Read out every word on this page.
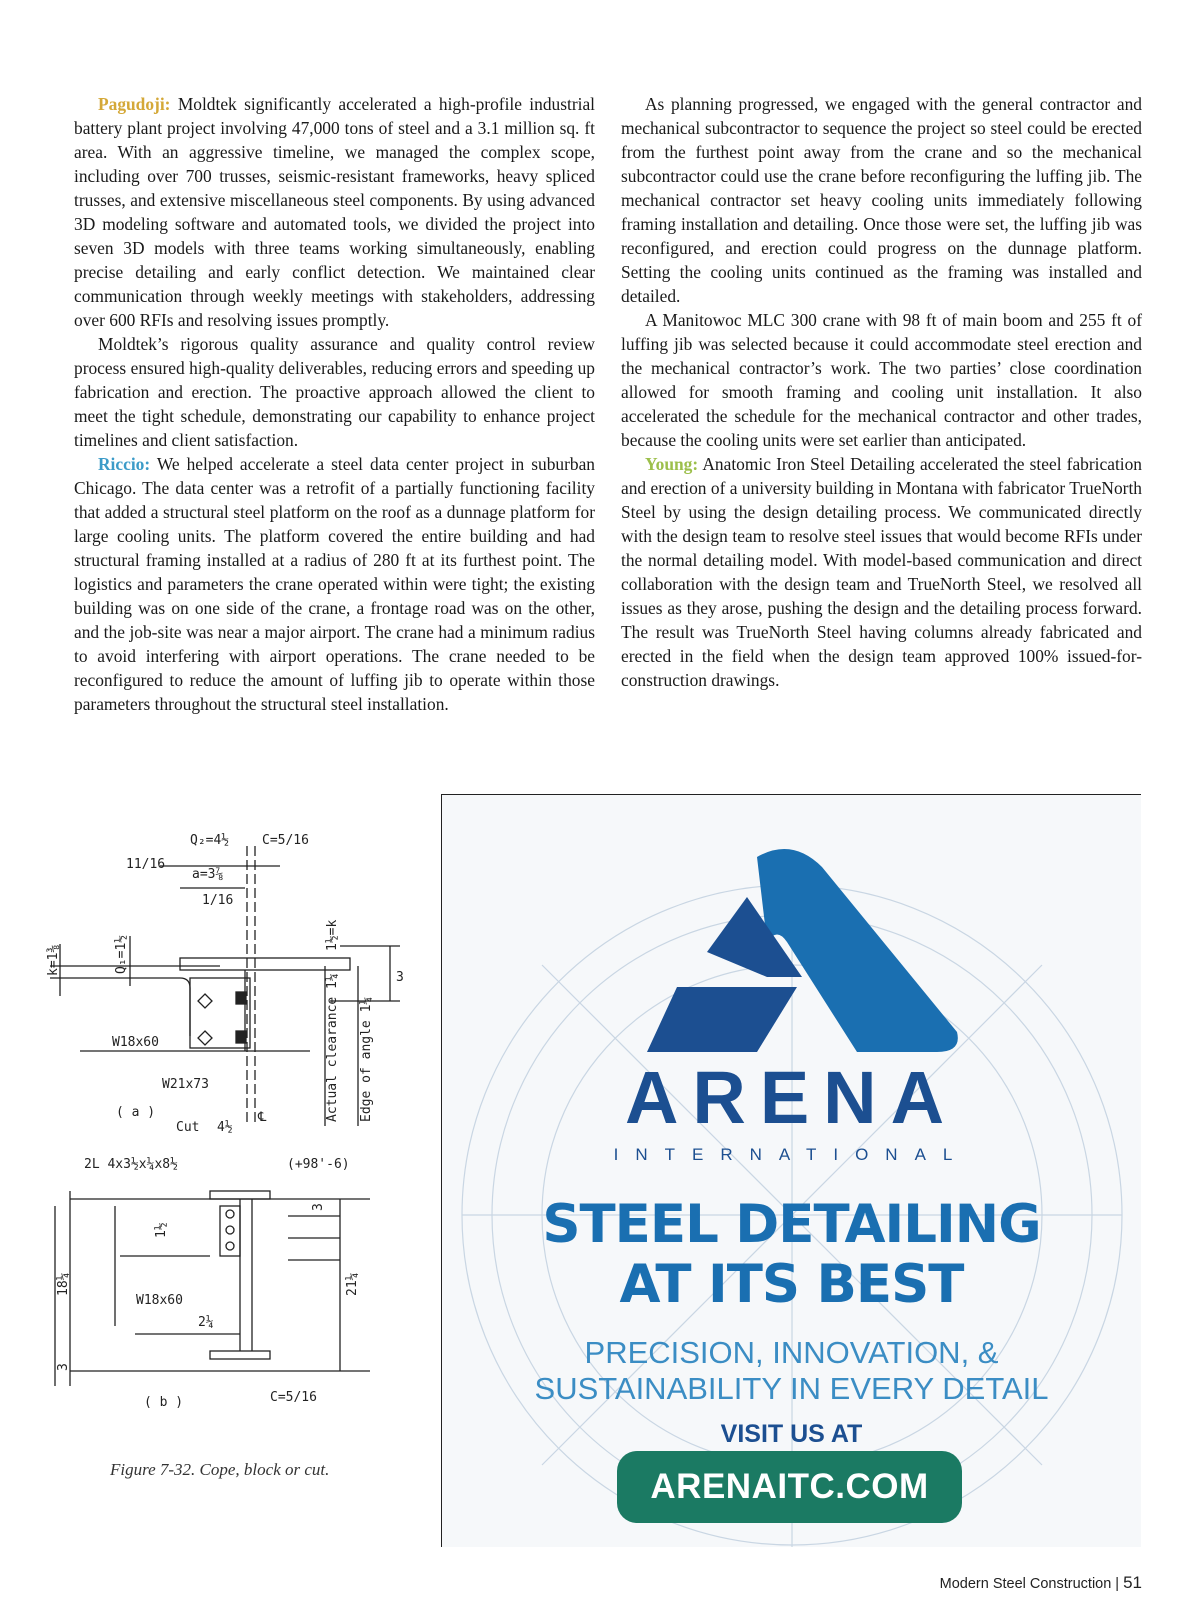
Pagudoji: Moldtek significantly accelerated a high-profile industrial battery plant project involving 47,000 tons of steel and a 3.1 million sq. ft area. With an aggressive timeline, we managed the complex scope, including over 700 trusses, seismic-resistant frameworks, heavy spliced trusses, and extensive miscellaneous steel components. By using advanced 3D modeling software and automated tools, we divided the project into seven 3D models with three teams working simultaneously, enabling precise detailing and early conflict detection. We maintained clear communication through weekly meetings with stakeholders, addressing over 600 RFIs and resolving issues promptly.

Moldtek’s rigorous quality assurance and quality control review process ensured high-quality deliverables, reducing errors and speeding up fabrication and erection. The proactive approach allowed the client to meet the tight schedule, demonstrating our capability to enhance project timelines and client satisfaction.

Riccio: We helped accelerate a steel data center project in suburban Chicago. The data center was a retrofit of a partially functioning facility that added a structural steel platform on the roof as a dunnage platform for large cooling units. The platform covered the entire building and had structural framing installed at a radius of 280 ft at its furthest point. The logistics and parameters the crane operated within were tight; the existing building was on one side of the crane, a frontage road was on the other, and the job-site was near a major airport. The crane had a minimum radius to avoid interfering with airport operations. The crane needed to be reconfigured to reduce the amount of luffing jib to operate within those parameters throughout the structural steel installation.

As planning progressed, we engaged with the general contractor and mechanical subcontractor to sequence the project so steel could be erected from the furthest point away from the crane and so the mechanical subcontractor could use the crane before reconfiguring the luffing jib. The mechanical contractor set heavy cooling units immediately following framing installation and detailing. Once those were set, the luffing jib was reconfigured, and erection could progress on the dunnage platform. Setting the cooling units continued as the framing was installed and detailed.

A Manitowoc MLC 300 crane with 98 ft of main boom and 255 ft of luffing jib was selected because it could accommodate steel erection and the mechanical contractor’s work. The two parties’ close coordination allowed for smooth framing and cooling unit installation. It also accelerated the schedule for the mechanical contractor and other trades, because the cooling units were set earlier than anticipated.

Young: Anatomic Iron Steel Detailing accelerated the steel fabrication and erection of a university building in Montana with fabricator TrueNorth Steel by using the design detailing process. We communicated directly with the design team to resolve steel issues that would become RFIs under the normal detailing model. With model-based communication and direct collaboration with the design team and TrueNorth Steel, we resolved all issues as they arose, pushing the design and the detailing process forward. The result was TrueNorth Steel having columns already fabricated and erected in the field when the design team approved 100% issued-for-construction drawings.

Q₂=4½	C=5/16
11/16
a=3⅞
1/16
Q₁=1½
k=1⅜
1½=k
3
W18x60	Actual clearance 1¼ Edge of angle 1¼
W21x73
( a )
Cut 4½
℄
2L 4x3½x¼x8½	(+98'-6)
1½
3
18¼	21¼
2¼
W18x60
3
( b )	C=5/16
Figure 7-32. Cope, block or cut.
ARENA
INTERNATIONAL
STEEL DETAILING
AT ITS BEST
PRECISION, INNOVATION, &
SUSTAINABILITY IN EVERY DETAIL
VISIT US AT
ARENAITC.COM
Modern Steel Construction | 51
